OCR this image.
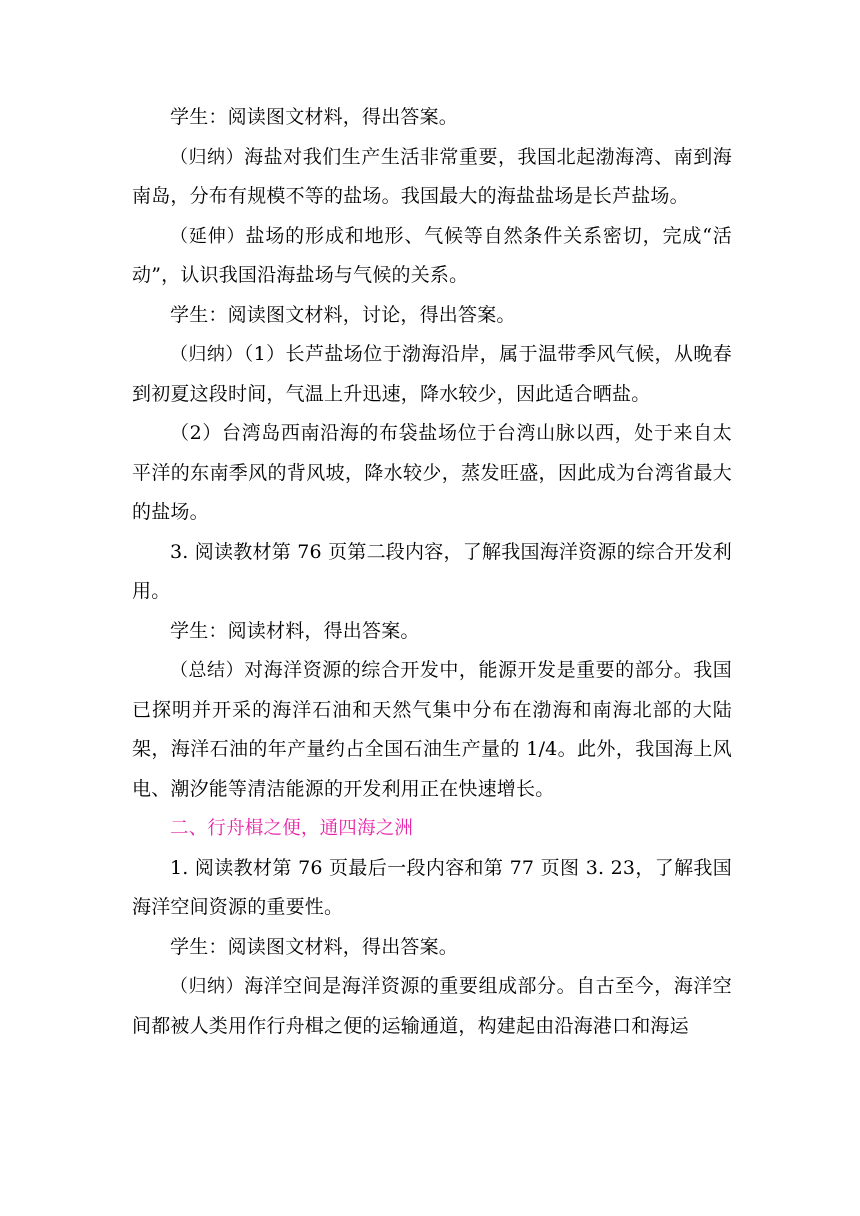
学生：阅读图文材料，得出答案。

（归纳）海盐对我们生产生活非常重要，我国北起渤海湾、南到海南岛，分布有规模不等的盐场。我国最大的海盐盐场是长芦盐场。

（延伸）盐场的形成和地形、气候等自然条件关系密切，完成“活动”，认识我国沿海盐场与气候的关系。

学生：阅读图文材料，讨论，得出答案。

（归纳）（1）长芦盐场位于渤海沿岸，属于温带季风气候，从晚春到初夏这段时间，气温上升迅速，降水较少，因此适合晒盐。

（2）台湾岛西南沿海的布袋盐场位于台湾山脉以西，处于来自太平洋的东南季风的背风坡，降水较少，蒸发旺盛，因此成为台湾省最大的盐场。

3. 阅读教材第 76 页第二段内容，了解我国海洋资源的综合开发利用。

学生：阅读材料，得出答案。

（总结）对海洋资源的综合开发中，能源开发是重要的部分。我国已探明并开采的海洋石油和天然气集中分布在渤海和南海北部的大陆架，海洋石油的年产量约占全国石油生产量的 1/4。此外，我国海上风电、潮汐能等清洁能源的开发利用正在快速增长。

二、行舟楫之便，通四海之洲

1. 阅读教材第 76 页最后一段内容和第 77 页图 3. 23，了解我国海洋空间资源的重要性。

学生：阅读图文材料，得出答案。

（归纳）海洋空间是海洋资源的重要组成部分。自古至今，海洋空间都被人类用作行舟楫之便的运输通道，构建起由沿海港口和海运
